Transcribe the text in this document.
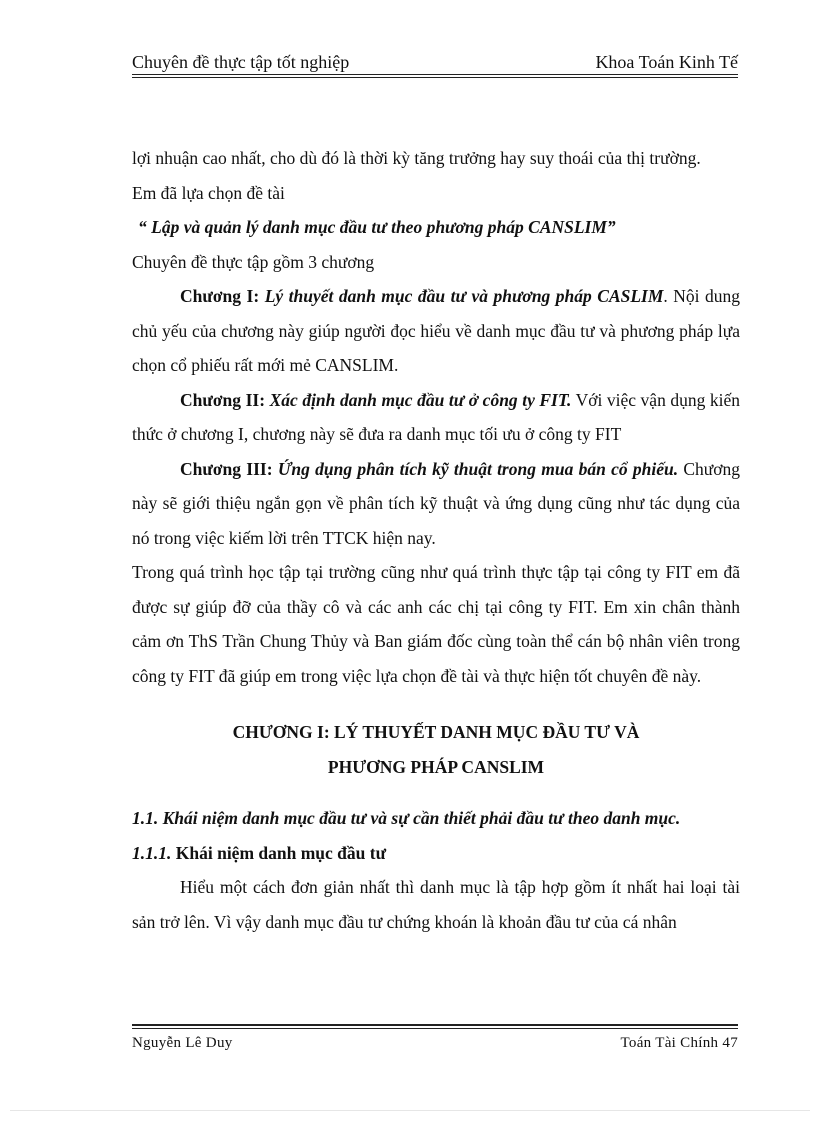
Chuyên đề thực tập tốt nghiệp	Khoa Toán Kinh Tế

lợi nhuận cao nhất, cho dù đó là thời kỳ tăng trưởng hay suy thoái của thị trường.

Em đã lựa chọn đề tài

“ Lập và quản lý danh mục đầu tư theo phương pháp CANSLIM”

Chuyên đề thực tập gồm 3 chương

Chương I: Lý thuyết danh mục đầu tư và phương pháp CASLIM. Nội dung chủ yếu của chương này giúp người đọc hiểu về danh mục đầu tư và phương pháp lựa chọn cổ phiếu rất mới mẻ CANSLIM.

Chương II: Xác định danh mục đầu tư ở công ty FIT. Với việc vận dụng kiến thức ở chương I, chương này sẽ đưa ra danh mục tối ưu ở công ty FIT

Chương III: Ứng dụng phân tích kỹ thuật trong mua bán cổ phiếu. Chương này sẽ giới thiệu ngắn gọn về phân tích kỹ thuật và ứng dụng cũng như tác dụng của nó trong việc kiếm lời trên TTCK hiện nay.

Trong quá trình học tập tại trường cũng như quá trình thực tập tại công ty FIT em đã được sự giúp đỡ của thầy cô và các anh các chị tại công ty FIT. Em xin chân thành cảm ơn ThS Trần Chung Thủy và Ban giám đốc cùng toàn thể cán bộ nhân viên trong công ty FIT đã giúp em trong việc lựa chọn đề tài và thực hiện tốt chuyên đề này.

CHƯƠNG I: LÝ THUYẾT DANH MỤC ĐẦU TƯ VÀ
PHƯƠNG PHÁP CANSLIM

1.1. Khái niệm danh mục đầu tư và sự cần thiết phải đầu tư theo danh mục.

1.1.1. Khái niệm danh mục đầu tư

Hiểu một cách đơn giản nhất thì danh mục là tập hợp gồm ít nhất hai loại tài sản trở lên. Vì vậy danh mục đầu tư chứng khoán là khoản đầu tư của cá nhân

Nguyễn Lê Duy	Toán Tài Chính 47
